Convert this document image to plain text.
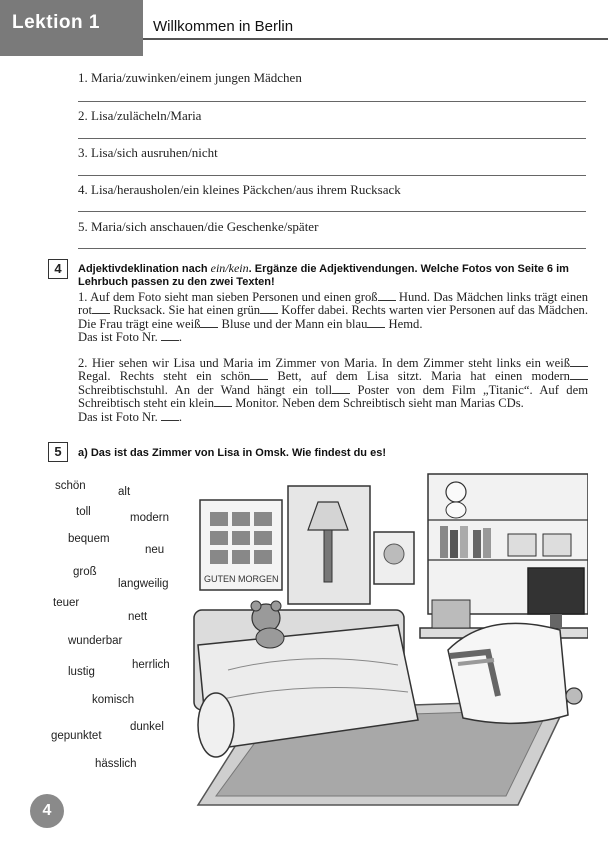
Lektion 1	Willkommen in Berlin
1. Maria/zuwinken/einem jungen Mädchen
2. Lisa/zulächeln/Maria
3. Lisa/sich ausruhen/nicht
4. Lisa/herausholen/ein kleines Päckchen/aus ihrem Rucksack
5. Maria/sich anschauen/die Geschenke/später
4	Adjektivdeklination nach ein/kein. Ergänze die Adjektivendungen. Welche Fotos von Seite 6 im Lehrbuch passen zu den zwei Texten!
1. Auf dem Foto sieht man sieben Personen und einen groß Hund. Das Mädchen links trägt einen rot Rucksack. Sie hat einen grün Koffer dabei. Rechts warten vier Personen auf das Mädchen. Die Frau trägt eine weiß Bluse und der Mann ein blau Hemd.
Das ist Foto Nr. .
2. Hier sehen wir Lisa und Maria im Zimmer von Maria. In dem Zimmer steht links ein weiß Regal. Rechts steht ein schön Bett, auf dem Lisa sitzt. Maria hat einen modern Schreibtischstuhl. An der Wand hängt ein toll Poster von dem Film „Titanic“. Auf dem Schreibtisch steht ein klein Monitor. Neben dem Schreibtisch sieht man Marias CDs.
Das ist Foto Nr. .
5	a) Das ist das Zimmer von Lisa in Omsk. Wie findest du es!
schön	alt
toll	modern
bequem
neu
groß
langweilig
teuer
nett
wunderbar
lustig
herrlich
komisch
dunkel
gepunktet
hässlich
GUTEN MORGEN
4
